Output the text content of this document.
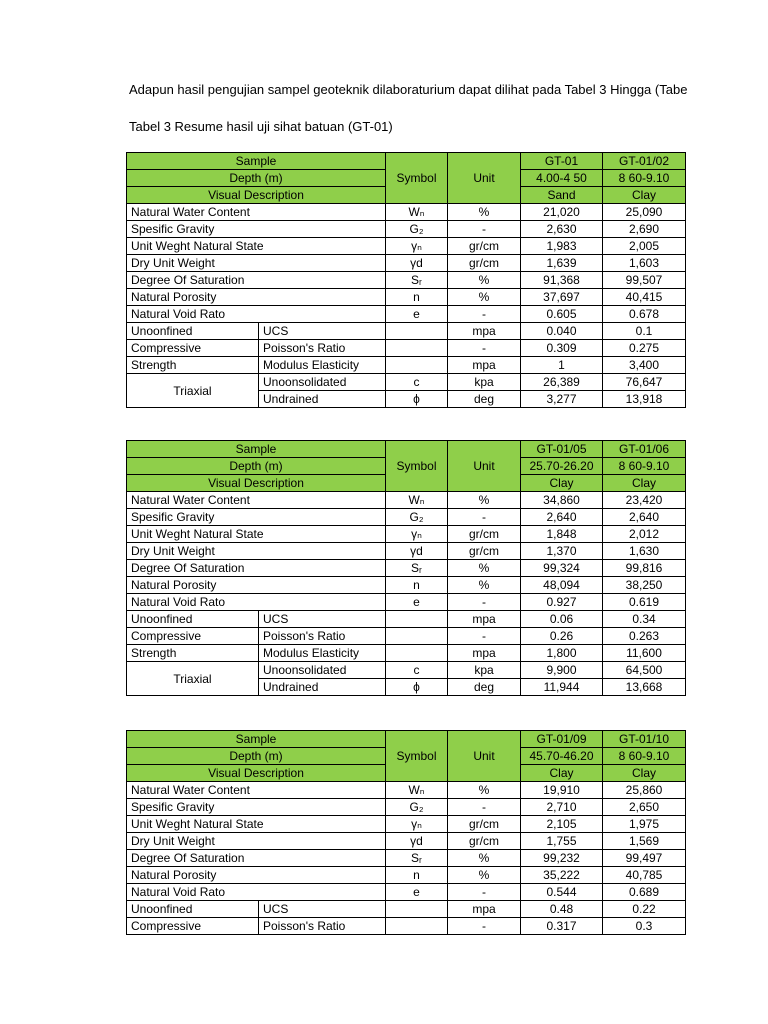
Adapun hasil pengujian sampel geoteknik dilaboraturium dapat dilihat pada Tabel 3 Hingga (Tabe
Tabel 3 Resume hasil uji sihat batuan (GT-01)
Sample		Symbol	Unit	GT-01	GT-01/02
Depth (m)				4.00-4 50	8 60-9.10
Visual Description				Sand	Clay
Natural Water Content		Wₙ	%	21,020	25,090
Spesific Gravity		G₂	-	2,630	2,690
Unit Weght Natural State		γₙ	gr/cm	1,983	2,005
Dry Unit Weight		γd	gr/cm	1,639	1,603
Degree Of Saturation		Sᵣ	%	91,368	99,507
Natural Porosity		n	%	37,697	40,415
Natural Void Rato		e	-	0.605	0.678
Unoonfined	UCS		mpa	0.040	0.1
Compressive	Poisson's Ratio		-	0.309	0.275
Strength	Modulus Elasticity		mpa	1	3,400
Triaxial	Unoonsolidated	c	kpa	26,389	76,647
	Undrained	ϕ	deg	3,277	13,918
Sample		Symbol	Unit	GT-01/05	GT-01/06
Depth (m)				25.70-26.20	8 60-9.10
Visual Description				Clay	Clay
Natural Water Content		Wₙ	%	34,860	23,420
Spesific Gravity		G₂	-	2,640	2,640
Unit Weght Natural State		γₙ	gr/cm	1,848	2,012
Dry Unit Weight		γd	gr/cm	1,370	1,630
Degree Of Saturation		Sᵣ	%	99,324	99,816
Natural Porosity		n	%	48,094	38,250
Natural Void Rato		e	-	0.927	0.619
Unoonfined	UCS		mpa	0.06	0.34
Compressive	Poisson's Ratio		-	0.26	0.263
Strength	Modulus Elasticity		mpa	1,800	11,600
Triaxial	Unoonsolidated	c	kpa	9,900	64,500
	Undrained	ϕ	deg	11,944	13,668
Sample		Symbol	Unit	GT-01/09	GT-01/10
Depth (m)				45.70-46.20	8 60-9.10
Visual Description				Clay	Clay
Natural Water Content		Wₙ	%	19,910	25,860
Spesific Gravity		G₂	-	2,710	2,650
Unit Weght Natural State		γₙ	gr/cm	2,105	1,975
Dry Unit Weight		γd	gr/cm	1,755	1,569
Degree Of Saturation		Sᵣ	%	99,232	99,497
Natural Porosity		n	%	35,222	40,785
Natural Void Rato		e	-	0.544	0.689
Unoonfined	UCS		mpa	0.48	0.22
Compressive	Poisson's Ratio		-	0.317	0.3
